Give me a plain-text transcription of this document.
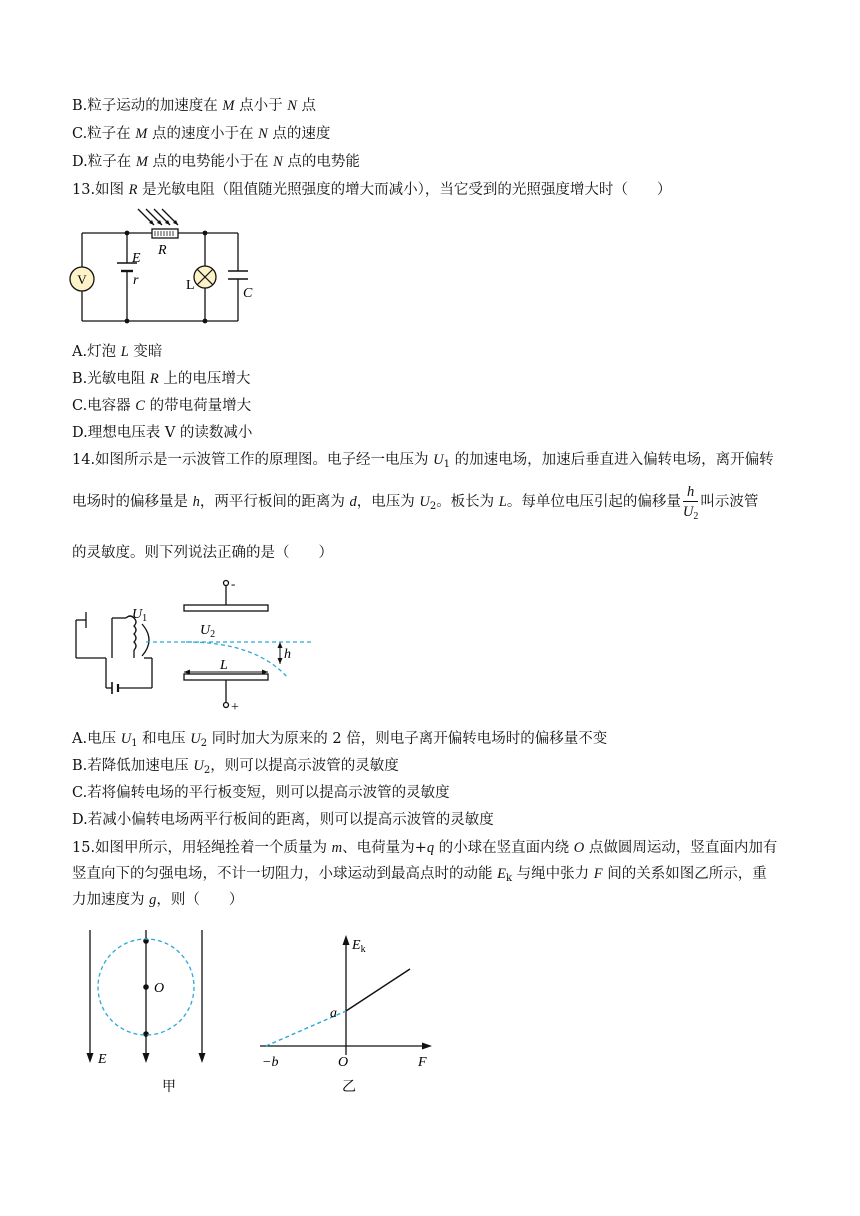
B.粒子运动的加速度在 M 点小于 N 点
C.粒子在 M 点的速度小于在 N 点的速度
D.粒子在 M 点的电势能小于在 N 点的电势能
13.如图 R 是光敏电阻（阻值随光照强度的增大而减小），当它受到的光照强度增大时（　　）
V
R
E
r	L
C
A.灯泡 L 变暗
B.光敏电阻 R 上的电压增大
C.电容器 C 的带电荷量增大
D.理想电压表 V 的读数减小
14.如图所示是一示波管工作的原理图。电子经一电压为 $U_1$ 的加速电场，加速后垂直进入偏转电场，离开偏转
电场时的偏移量是 h，两平行板间的距离为 d，电压为 $U_2$。板长为 L。每单位电压引起的偏移量 $\frac{h}{U_2}$ 叫示波管
的灵敏度。则下列说法正确的是（　　）
$U_1$
$U_2$
h
L
-
+
A.电压 $U_1$ 和电压 $U_2$ 同时加大为原来的 2 倍，则电子离开偏转电场时的偏移量不变
B.若降低加速电压 $U_2$，则可以提高示波管的灵敏度
C.若将偏转电场的平行板变短，则可以提高示波管的灵敏度
D.若减小偏转电场两平行板间的距离，则可以提高示波管的灵敏度
15.如图甲所示，用轻绳拴着一个质量为 m、电荷量为+q 的小球在竖直面内绕 O 点做圆周运动，竖直面内加有
竖直向下的匀强电场，不计一切阻力，小球运动到最高点时的动能 $E_k$ 与绳中张力 F 间的关系如图乙所示，重
力加速度为 g，则（　　）
O
E
甲
$E_k$
a
−b	O	F
乙
